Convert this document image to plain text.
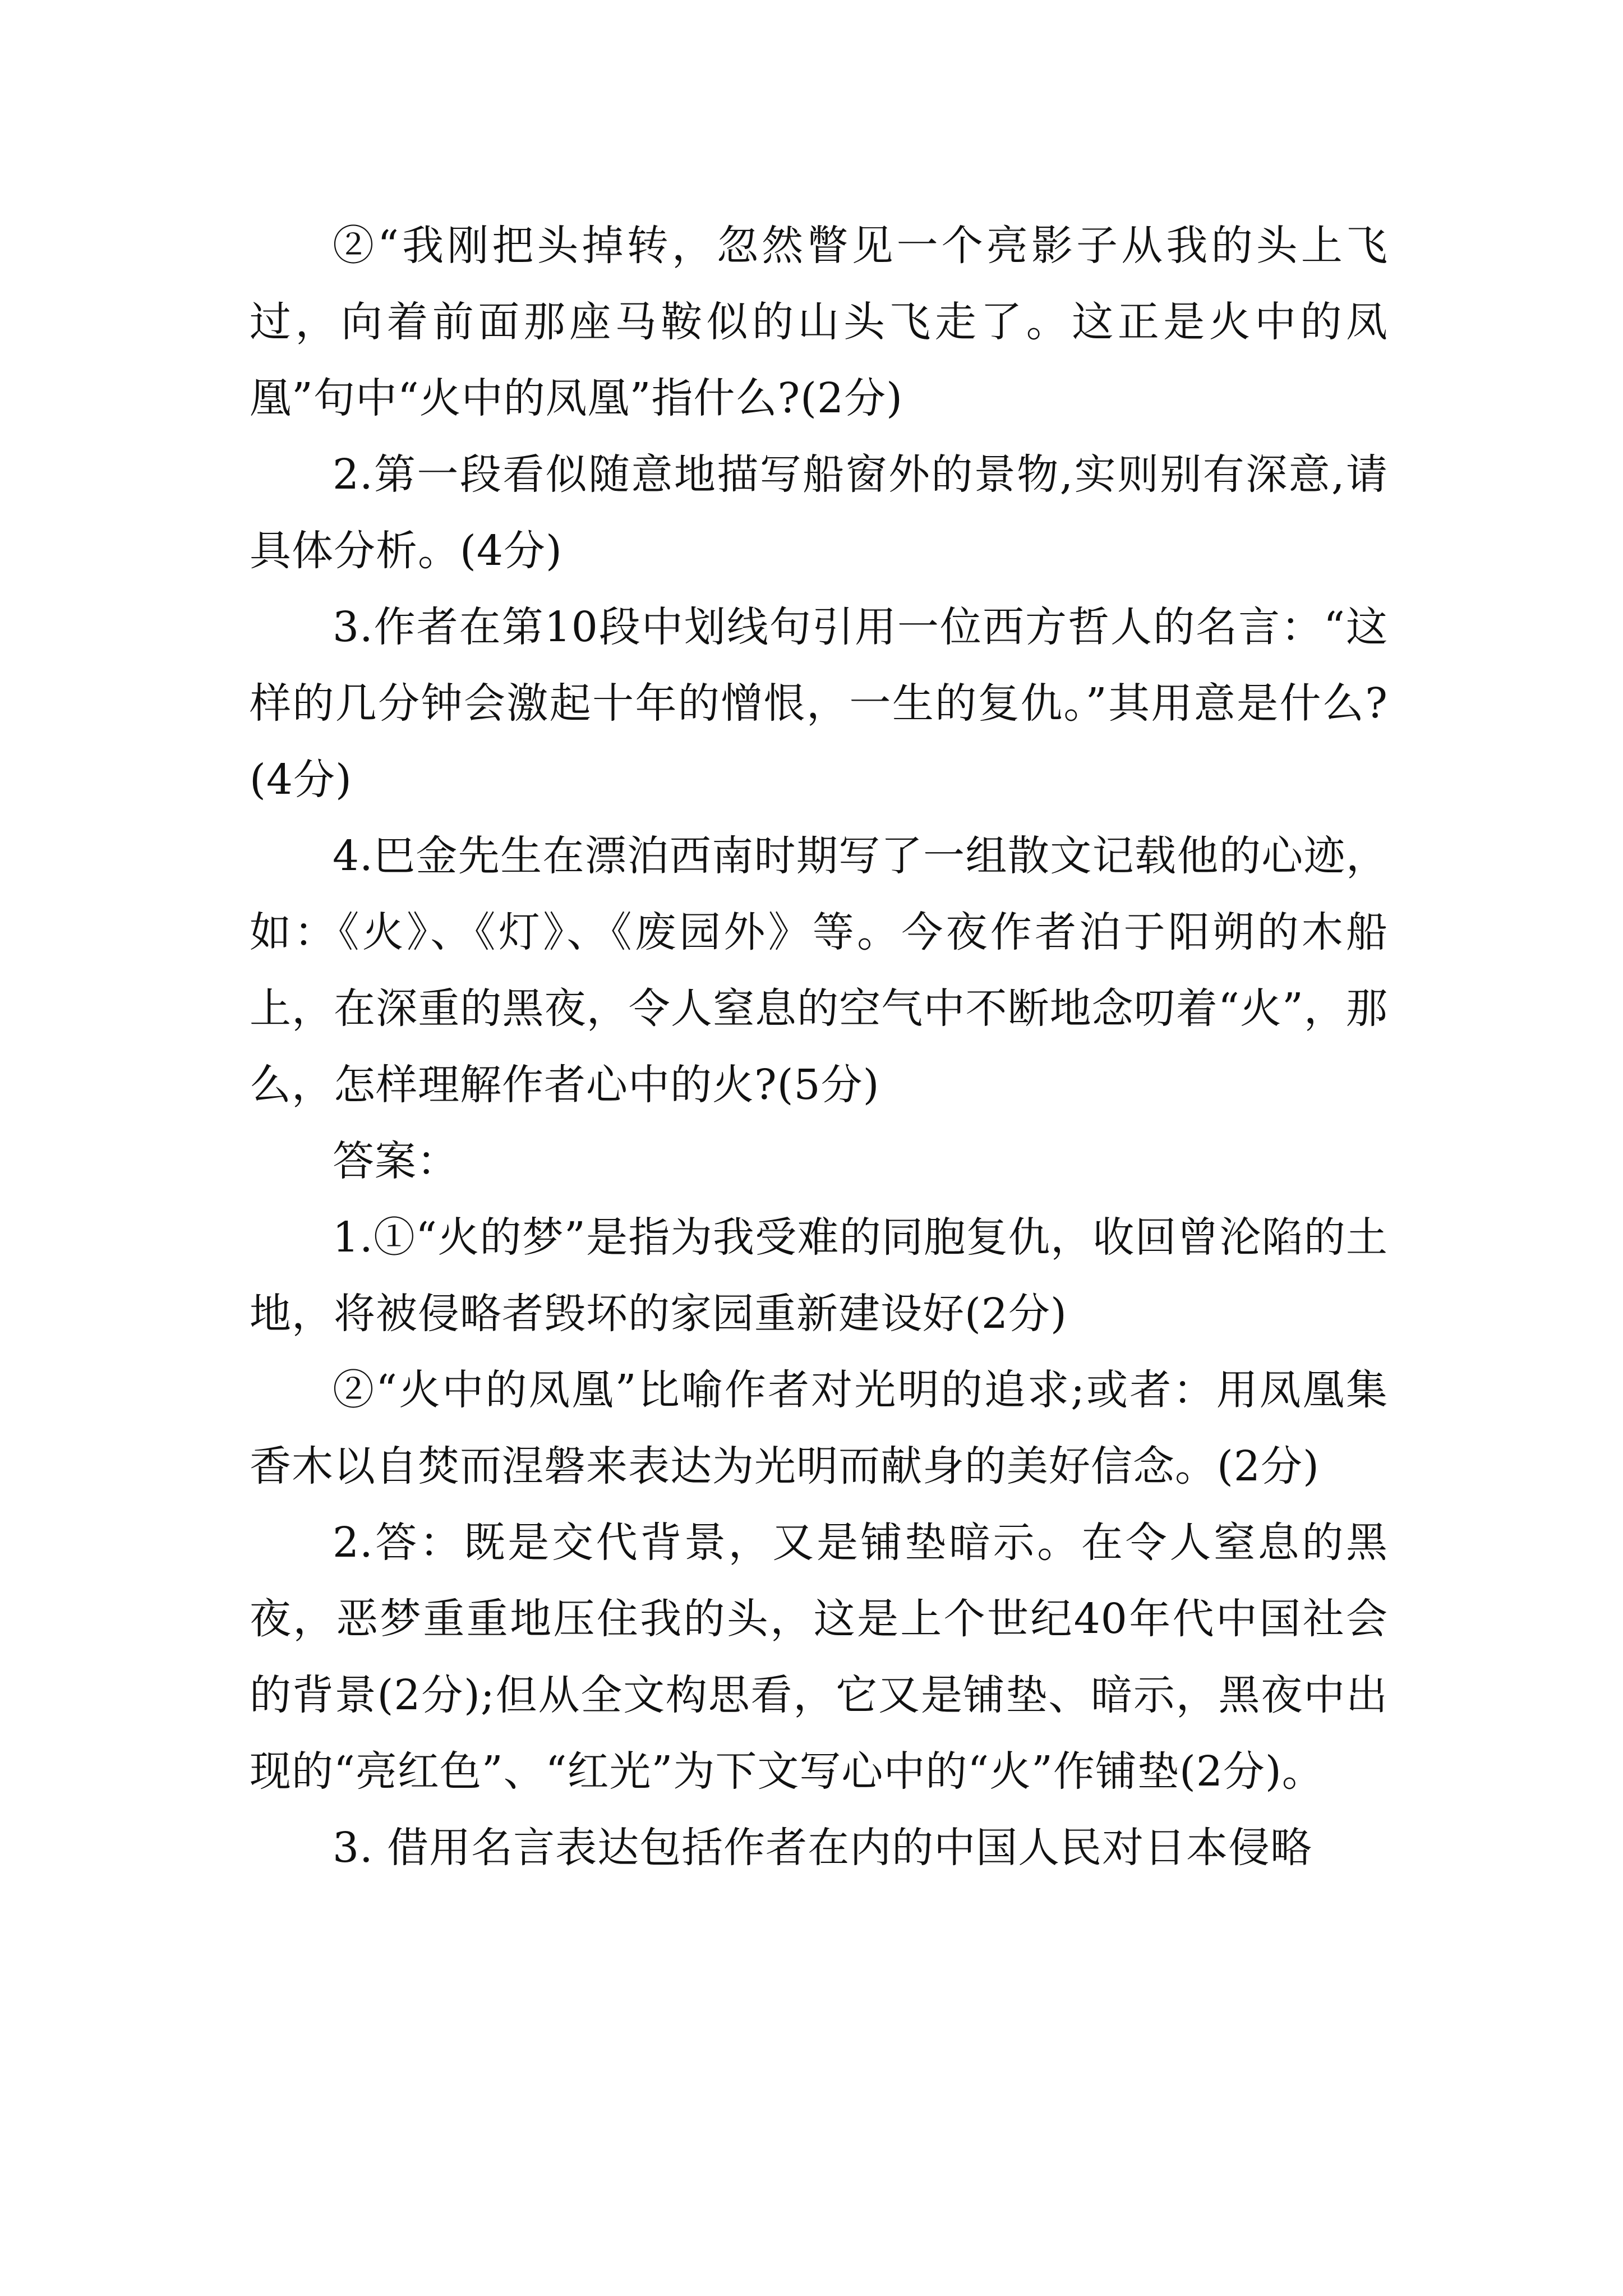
②“我刚把头掉转，忽然瞥见一个亮影子从我的头上飞过，向着前面那座马鞍似的山头飞走了。这正是火中的凤凰”句中“火中的凤凰”指什么?(2分)

2.第一段看似随意地描写船窗外的景物,实则别有深意,请具体分析。(4分)

3.作者在第10段中划线句引用一位西方哲人的名言：“这样的几分钟会激起十年的憎恨，一生的复仇。”其用意是什么?(4分)

4.巴金先生在漂泊西南时期写了一组散文记载他的心迹，如：《火》、《灯》、《废园外》等。今夜作者泊于阳朔的木船上，在深重的黑夜，令人窒息的空气中不断地念叨着“火”，那么，怎样理解作者心中的火?(5分)

答案：

1.①“火的梦”是指为我受难的同胞复仇，收回曾沦陷的土地，将被侵略者毁坏的家园重新建设好(2分)

②“火中的凤凰”比喻作者对光明的追求;或者：用凤凰集香木以自焚而涅磐来表达为光明而献身的美好信念。(2分)

2.答：既是交代背景，又是铺垫暗示。在令人窒息的黑夜，恶梦重重地压住我的头，这是上个世纪40年代中国社会的背景(2分);但从全文构思看，它又是铺垫、暗示，黑夜中出现的“亮红色”、“红光”为下文写心中的“火”作铺垫(2分)。

3. 借用名言表达包括作者在内的中国人民对日本侵略
